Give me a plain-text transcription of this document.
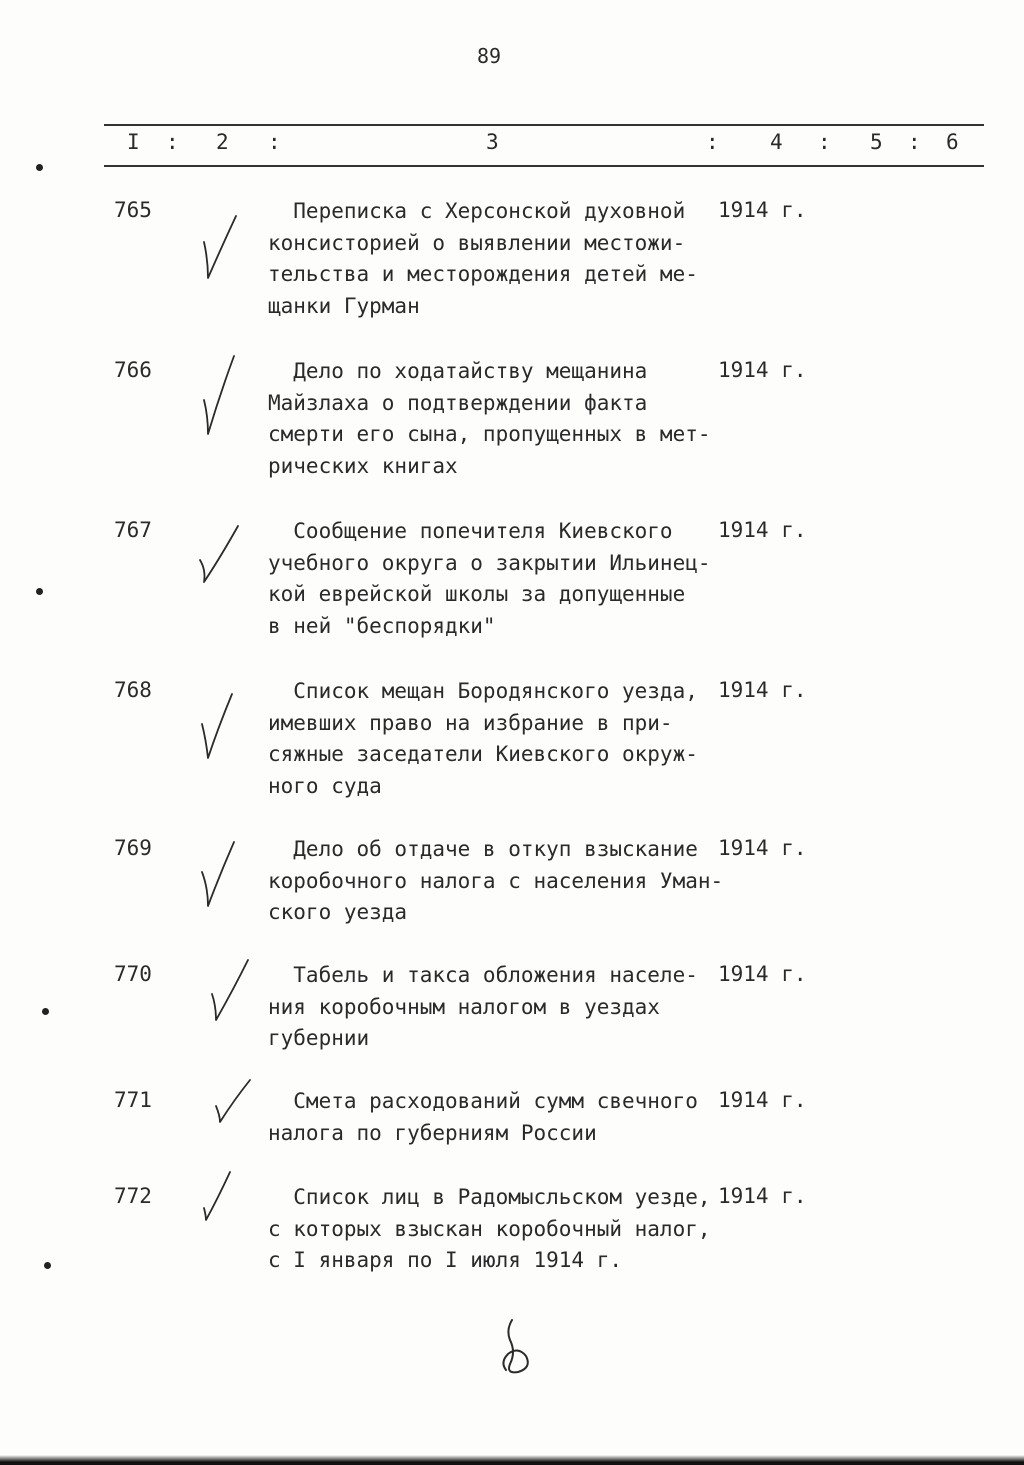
89
I : 2 :	3	: 4 : 5 : 6
765	Переписка с Херсонской духовной
консисторией о выявлении местожи-
тельства и месторождения детей ме-
щанки Гурман
1914 г.
766	Дело по ходатайству мещанина
Майзлаха о подтверждении факта
смерти его сына, пропущенных в мет-
рических книгах
1914 г.
767	Сообщение попечителя Киевского
учебного округа о закрытии Ильинец-
кой еврейской школы за допущенные
в ней "беспорядки"
1914 г.
768	Список мещан Бородянского уезда,
имевших право на избрание в при-
сяжные заседатели Киевского окруж-
ного суда
1914 г.
769	Дело об отдаче в откуп взыскание
коробочного налога с населения Уман-
ского уезда
1914 г.
770	Табель и такса обложения населе-
ния коробочным налогом в уездах
губернии
1914 г.
771	Смета расходований сумм свечного
налога по губерниям России
1914 г.
772	Список лиц в Радомысльском уезде,
с которых взыскан коробочный налог,
с I января по I июля 1914 г.
1914 г.
